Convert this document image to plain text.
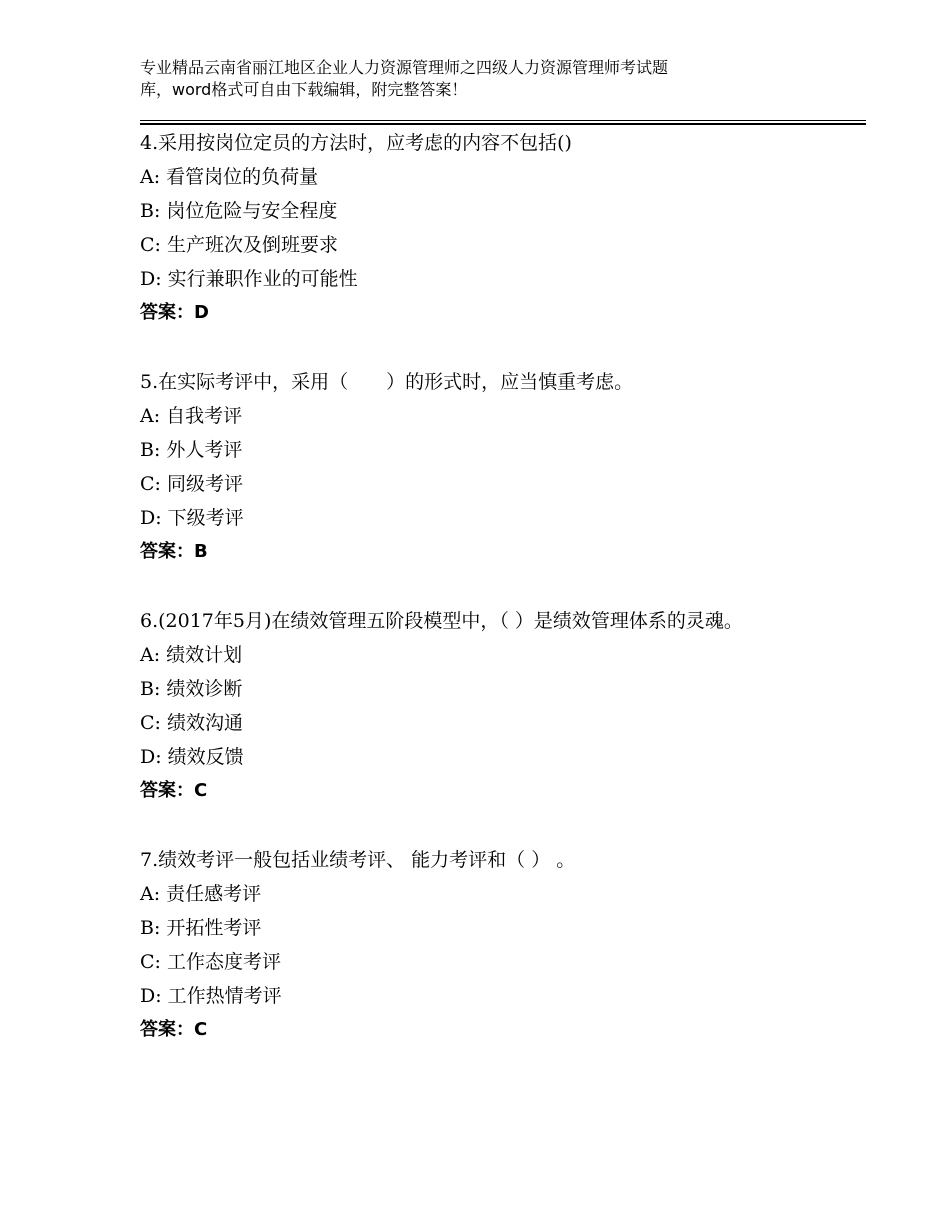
专业精品云南省丽江地区企业人力资源管理师之四级人力资源管理师考试题
库，word格式可自由下载编辑，附完整答案！

4.采用按岗位定员的方法时，应考虑的内容不包括()

A: 看管岗位的负荷量
B: 岗位危险与安全程度
C: 生产班次及倒班要求
D: 实行兼职作业的可能性
答案：D

5.在实际考评中，采用（　　）的形式时，应当慎重考虑。

A: 自我考评
B: 外人考评
C: 同级考评
D: 下级考评
答案：B

6.(2017年5月)在绩效管理五阶段模型中，（ ）是绩效管理体系的灵魂。

A: 绩效计划
B: 绩效诊断
C: 绩效沟通
D: 绩效反馈
答案：C

7.绩效考评一般包括业绩考评、 能力考评和（ ） 。

A: 责任感考评
B: 开拓性考评
C: 工作态度考评
D: 工作热情考评
答案：C
